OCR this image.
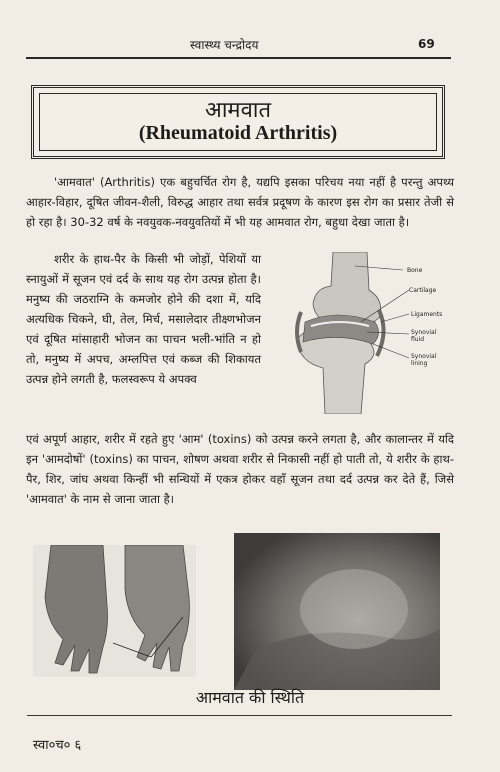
स्वास्थ्य चन्द्रोदय	69
आमवात
(Rheumatoid Arthritis)
'आमवात' (Arthritis) एक बहुचर्चित रोग है, यद्यपि इसका परिचय नया नहीं है परन्तु अपथ्य आहार-विहार, दूषित जीवन-शैली, विरुद्ध आहार तथा सर्वत्र प्रदूषण के कारण इस रोग का प्रसार तेजी से हो रहा है। 30-32 वर्ष के नवयुवक-नवयुवतियों में भी यह आमवात रोग, बहुधा देखा जाता है।
शरीर के हाथ-पैर के किसी भी जोड़ों, पेशियों या स्नायुओं में सूजन एवं दर्द के साथ यह रोग उत्पन्न होता है। मनुष्य की जठराग्नि के कमजोर होने की दशा में, यदि अत्यधिक चिकने, घी, तेल, मिर्च, मसालेदार तीक्ष्णभोजन एवं दूषित मांसाहारी भोजन का पाचन भली-भांति न हो तो, मनुष्य में अपच, अम्लपित्त एवं कब्ज की शिकायत उत्पन्न होने लगती है, फलस्वरूप ये अपक्व
Bone
Cartilage
Ligaments
Synovial
fluid
Synovial
lining
एवं अपूर्ण आहार, शरीर में रहते हुए 'आम' (toxins) को उत्पन्न करने लगता है, और कालान्तर में यदि इन 'आमदोषों' (toxins) का पाचन, शोषण अथवा शरीर से निकासी नहीं हो पाती तो, ये शरीर के हाथ-पैर, शिर, जांघ अथवा किन्हीं भी सन्धियों में एकत्र होकर वहाँ सूजन तथा दर्द उत्पन्न कर देते हैं, जिसे 'आमवात' के नाम से जाना जाता है।
आमवात की स्थिति
स्वा०च० ६
